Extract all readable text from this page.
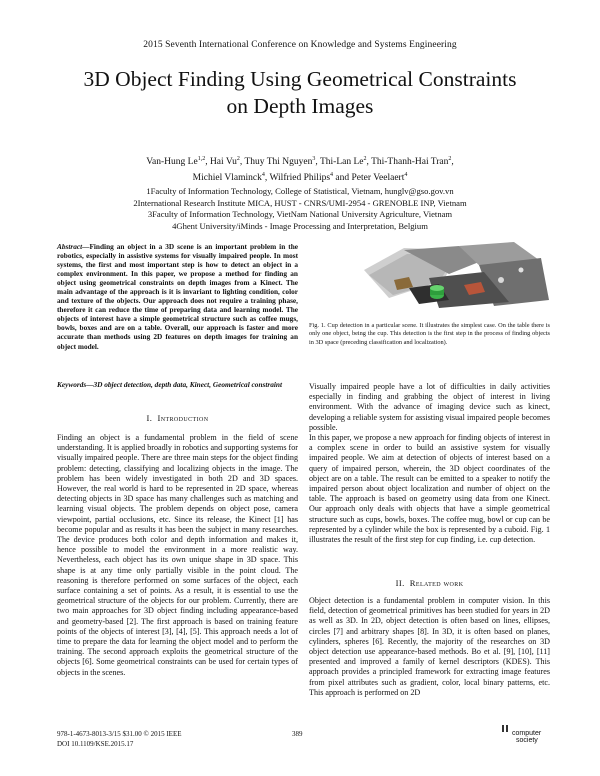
2015 Seventh International Conference on Knowledge and Systems Engineering
3D Object Finding Using Geometrical Constraints
on Depth Images
Van-Hung Le$^{1,2}$, Hai Vu$^2$, Thuy Thi Nguyen$^3$, Thi-Lan Le$^2$, Thi-Thanh-Hai Tran$^2$,
Michiel Vlaminck$^4$, Wilfried Philips$^4$ and Peter Veelaert$^4$
1Faculty of Information Technology, College of Statistical, Vietnam, hunglv@gso.gov.vn
2International Research Institute MICA, HUST - CNRS/UMI-2954 - GRENOBLE INP, Vietnam
3Faculty of Information Technology, VietNam National University Agriculture, Vietnam
4Ghent University/iMinds - Image Processing and Interpretation, Belgium
Abstract—Finding an object in a 3D scene is an important problem in the robotics, especially in assistive systems for visually impaired people. In most systems, the first and most important step is how to detect an object in a complex environment. In this paper, we propose a method for finding an object using geometrical constraints on depth images from a Kinect. The main advantage of the approach is it is invariant to lighting condition, color and texture of the objects. Our approach does not require a training phase, therefore it can reduce the time of preparing data and learning model. The objects of interest have a simple geometrical structure such as coffee mugs, bowls, boxes and are on a table. Overall, our approach is faster and more accurate than methods using 2D features on depth images for training an object model.
Keywords—3D object detection, depth data, Kinect, Geometrical constraint
I. Introduction
Finding an object is a fundamental problem in the field of scene understanding. It is applied broadly in robotics and supporting systems for visually impaired people. There are three main steps for the object finding problem: detecting, classifying and localizing objects in the image. The problem has been widely investigated in both 2D and 3D spaces. However, the real world is hard to be represented in 2D space, whereas detecting objects in 3D space has many challenges such as matching and learning visual objects. The problem depends on object pose, camera viewpoint, partial occlusions, etc. Since its release, the Kinect [1] has become popular and as results it has been the subject in many researches. The device produces both color and depth information and makes it, hence possible to model the environment in a more realistic way. Nevertheless, each object has its own unique shape in 3D space. This shape is at any time only partially visible in the point cloud. The reasoning is therefore performed on some surfaces of the object, each surface containing a set of points. As a result, it is essential to use the geometrical structure of the objects for our problem. Currently, there are two main approaches for 3D object finding including appearance-based and geometry-based [2]. The first approach is based on training feature points of the objects of interest [3], [4], [5]. This approach needs a lot of time to prepare the data for learning the object model and to perform the training. The second approach exploits the geometrical structure of the objects [6]. Some geometrical constraints can be used for certain types of objects in the scenes.
Fig. 1. Cup detection in a particular scene. It illustrates the simplest case. On the table there is only one object, being the cup. This detection is the first step in the process of finding objects in 3D space (preceding classification and localization).
Visually impaired people have a lot of difficulties in daily activities especially in finding and grabbing the object of interest in living environment. With the advance of imaging device such as kinect, developing a reliable system for assisting visual impaired people becomes possible.
In this paper, we propose a new approach for finding objects of interest in a complex scene in order to build an assistive system for visually impaired people. We aim at detection of objects of interest based on a query of impaired person, wherein, the 3D object coordinates of the object are on a table. The result can be emitted to a speaker to notify the impaired person about object localization and number of object on the table. The approach is based on geometry using data from one Kinect. Our approach only deals with objects that have a simple geometrical structure such as cups, bowls, boxes. The coffee mug, bowl or cup can be represented by a cylinder while the box is represented by a cuboid. Fig. 1 illustrates the result of the first step for cup finding, i.e. cup detection.
II. Related work
Object detection is a fundamental problem in computer vision. In this field, detection of geometrical primitives has been studied for years in 2D as well as 3D. In 2D, object detection is often based on lines, ellipses, circles [7] and arbitrary shapes [8]. In 3D, it is often based on planes, cylinders, spheres [6]. Recently, the majority of the researches on 3D object detection use appearance-based methods. Bo et al. [9], [10], [11] presented and improved a family of kernel descriptors (KDES). This approach provides a principled framework for extracting image features from pixel attributes such as gradient, color, local binary patterns, etc. This approach is performed on 2D
978-1-4673-8013-3/15 $31.00 © 2015 IEEE
DOI 10.1109/KSE.2015.17
389	computer
society
